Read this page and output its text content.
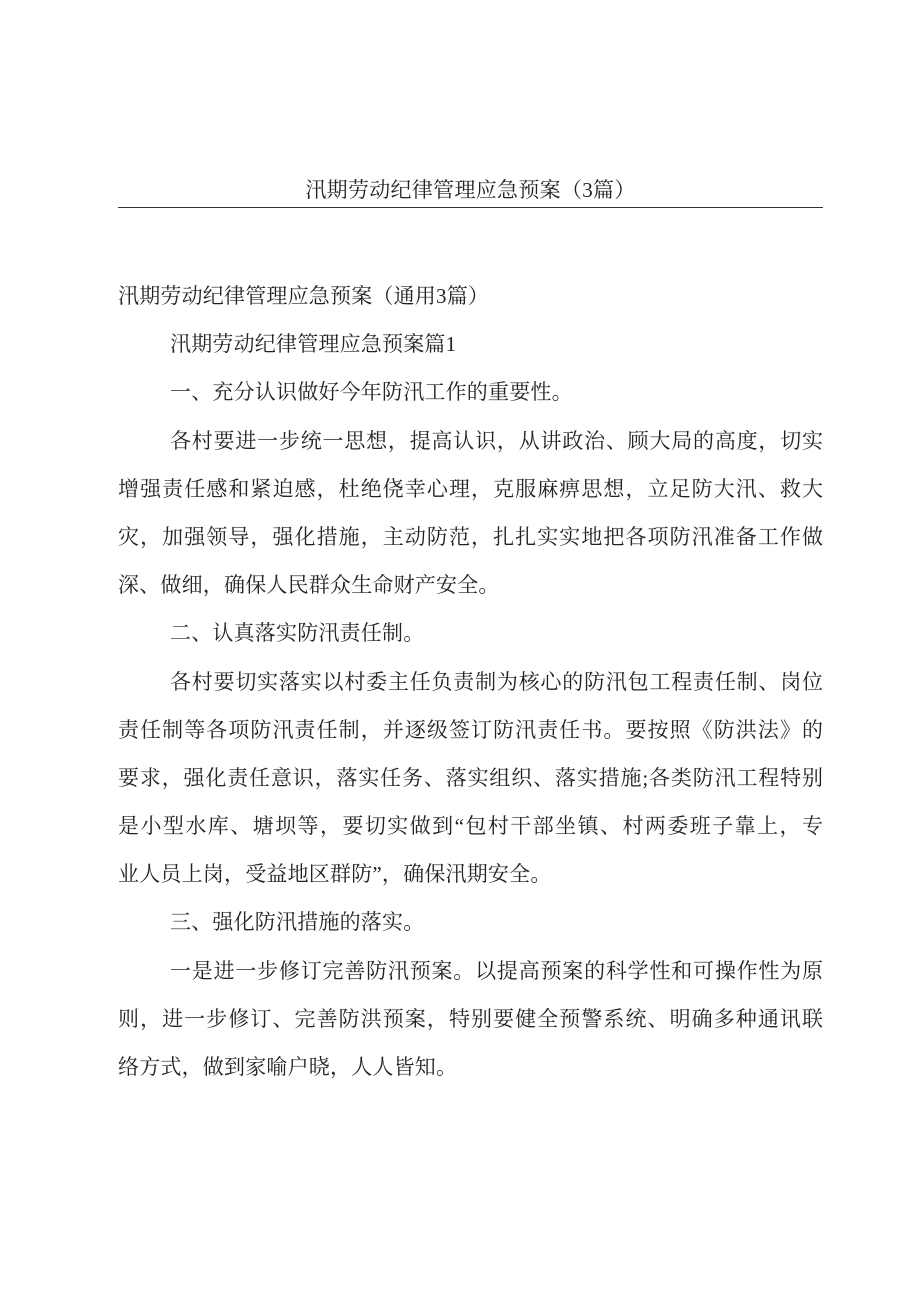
汛期劳动纪律管理应急预案（3篇）
汛期劳动纪律管理应急预案（通用3篇）
汛期劳动纪律管理应急预案篇1
一、充分认识做好今年防汛工作的重要性。
各村要进一步统一思想，提高认识，从讲政治、顾大局的高度，切实
增强责任感和紧迫感，杜绝侥幸心理，克服麻痹思想，立足防大汛、救大
灾，加强领导，强化措施，主动防范，扎扎实实地把各项防汛准备工作做
深、做细，确保人民群众生命财产安全。
二、认真落实防汛责任制。
各村要切实落实以村委主任负责制为核心的防汛包工程责任制、岗位
责任制等各项防汛责任制，并逐级签订防汛责任书。要按照《防洪法》的
要求，强化责任意识，落实任务、落实组织、落实措施;各类防汛工程特别
是小型水库、塘坝等，要切实做到“包村干部坐镇、村两委班子靠上，专
业人员上岗，受益地区群防”，确保汛期安全。
三、强化防汛措施的落实。
一是进一步修订完善防汛预案。以提高预案的科学性和可操作性为原
则，进一步修订、完善防洪预案，特别要健全预警系统、明确多种通讯联
络方式，做到家喻户晓，人人皆知。
